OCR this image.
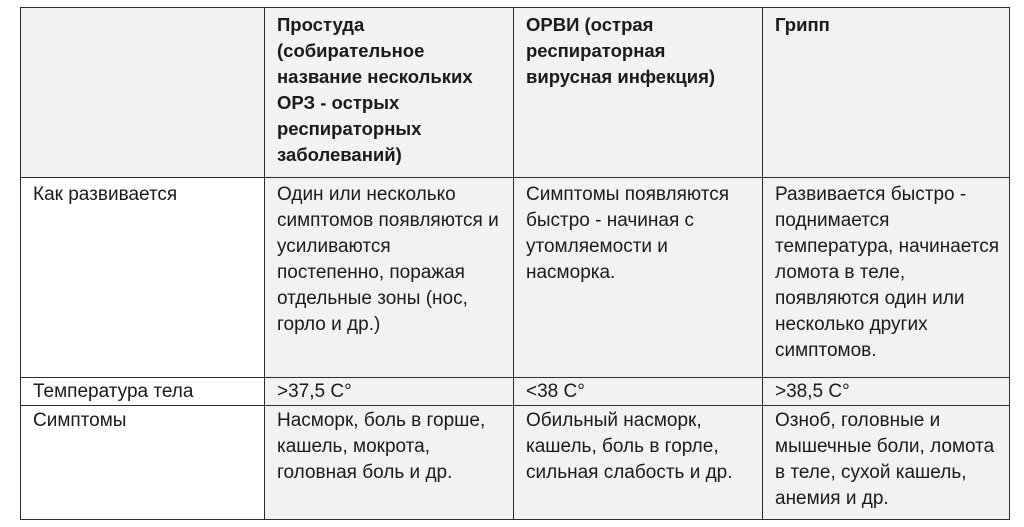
	Простуда (собирательное название нескольких ОРЗ - острых респираторных заболеваний)	ОРВИ (острая респираторная вирусная инфекция)	Грипп
Как развивается	Один или несколько симптомов появляются и усиливаются постепенно, поражая отдельные зоны (нос, горло и др.)	Симптомы появляются быстро - начиная с утомляемости и насморка.	Развивается быстро - поднимается температура, начинается ломота в теле, появляются один или несколько других симптомов.
Температура тела	>37,5 С°	<38 С°	>38,5 С°
Симптомы	Насморк, боль в горше, кашель, мокрота, головная боль и др.	Обильный насморк, кашель, боль в горле, сильная слабость и др.	Озноб, головные и мышечные боли, ломота в теле, сухой кашель, анемия и др.
